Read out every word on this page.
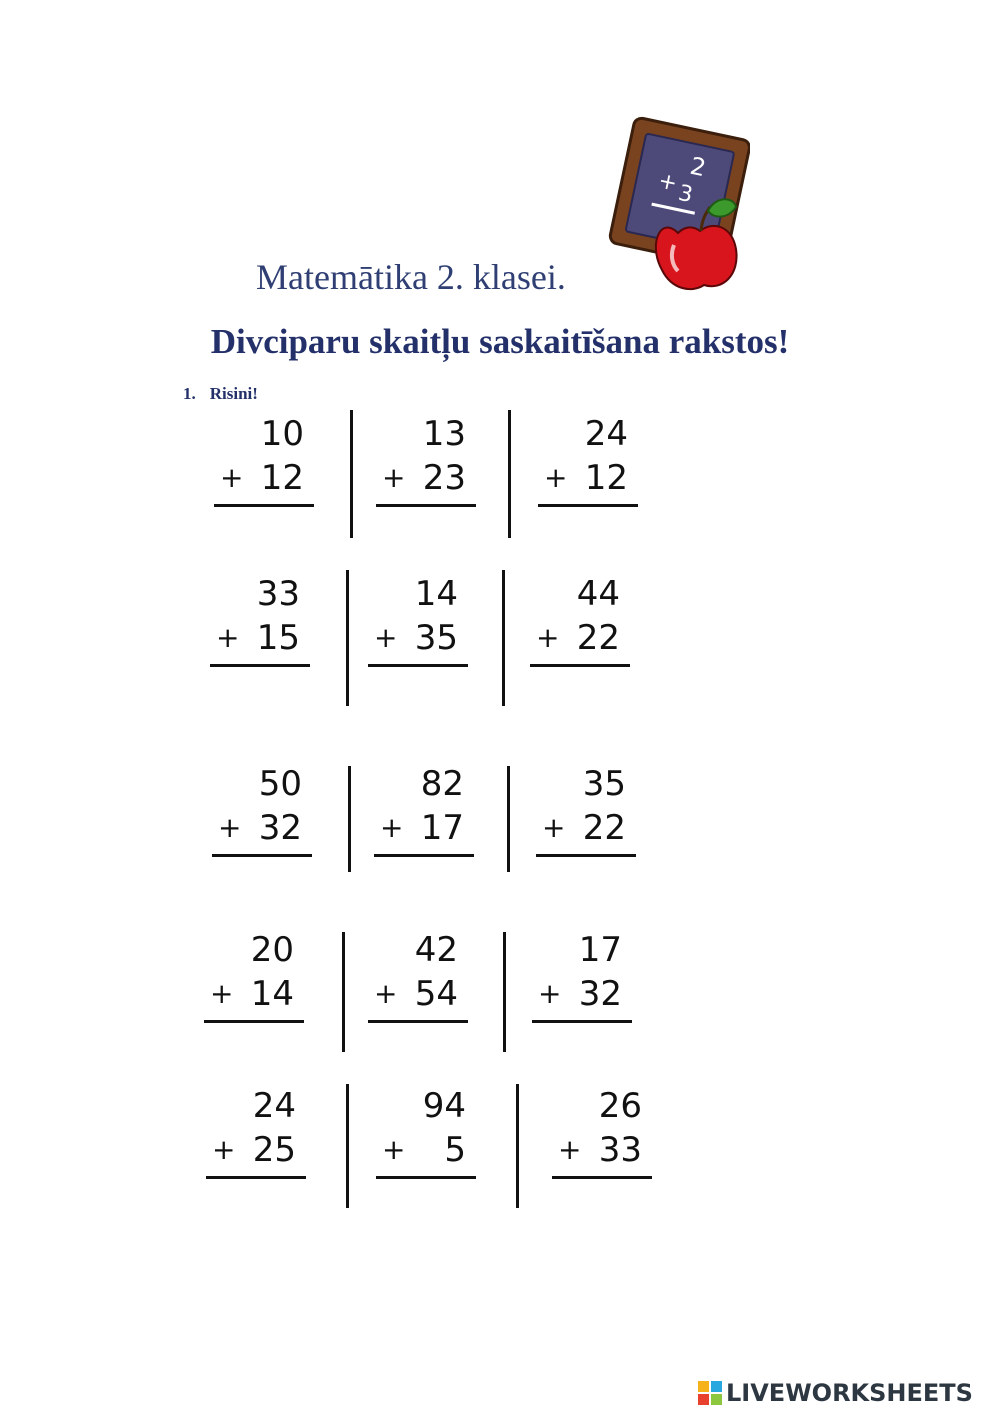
Matemātika 2. klasei.
2
+
3
Divciparu skaitļu saskaitīšana rakstos!
1. Risini!
10
+ 12
13
+ 23
24
+ 12
33
+ 15
14
+ 35
44
+ 22
50
+ 32
82
+ 17
35
+ 22
20
+ 14
42
+ 54
17
+ 32
24
+ 25
94
+ 5
26
+ 33
LIVEWORKSHEETS
